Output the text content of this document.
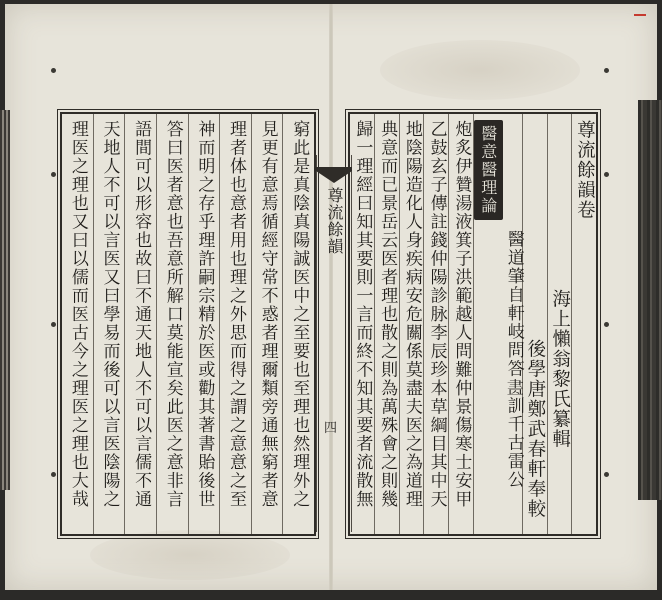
尊流餘韻卷
海上懶翁黎氏纂輯
後學唐鄭武春軒奉較
醫意醫理論
醫道肇自軒岐問答𦘕訓千古雷公
炮炙伊贊湯液箕子洪範越人問難仲景傷寒士安甲
乙鼓玄子傳註錢仲陽診脉李辰珍本草綱目其中天
地陰陽造化人身疾病安危關係莫盡夫医之為道理
典意而已景岳云医者理也散之則為萬殊會之則幾
歸一理經曰知其要則一言而終不知其要者流散無
尊流餘韻
四
窮此是真陰真陽誠医中之至要也至理也然理外之
見更有意焉循經守常不惑者理爾類旁通無窮者意
理者体也意者用也理之外思而得之謂之意意之至
神而明之存乎理許嗣宗精於医或勸其著書貽後世
答曰医者意也吾意所解口莫能宣矣此医之意非言
語間可以形容也故曰不通天地人不可以言儒不通
天地人不可以言医又曰學易而後可以言医陰陽之
理医之理也又曰以儒而医古今之理医之理也大哉
